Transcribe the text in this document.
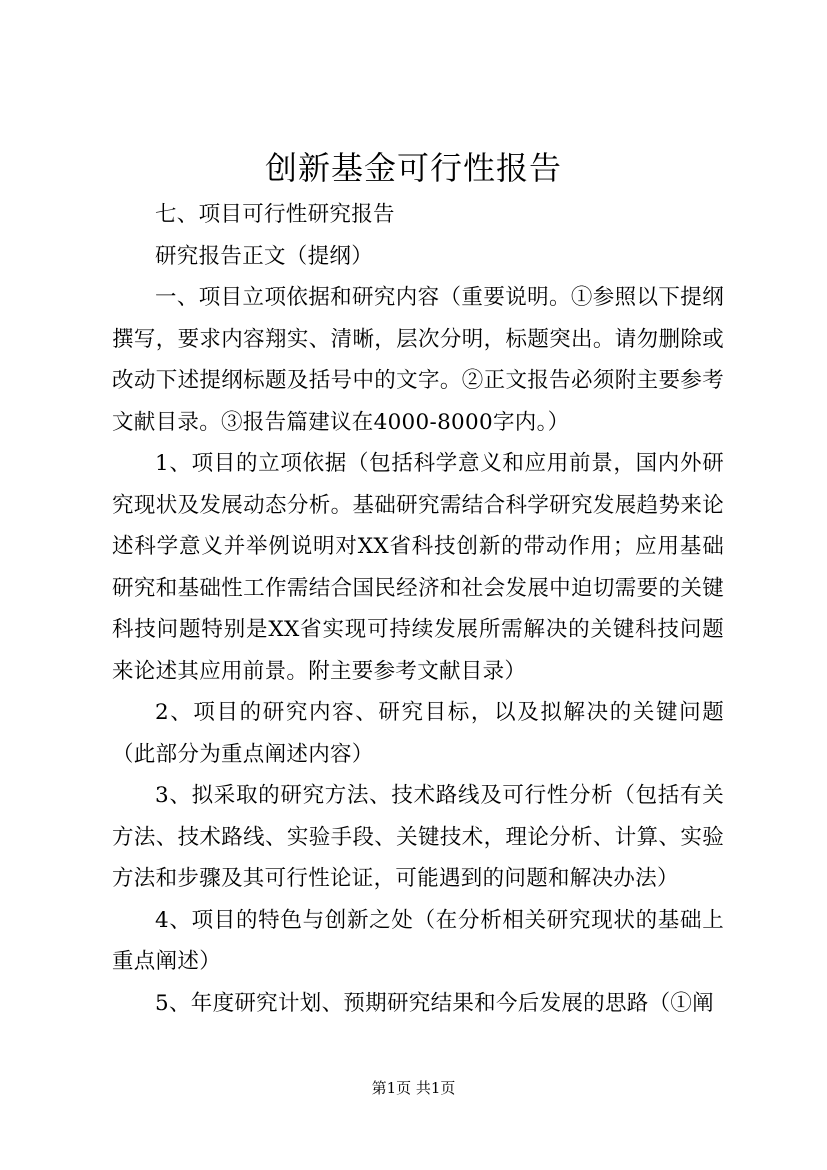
创新基金可行性报告

七、项目可行性研究报告

研究报告正文（提纲）

一、项目立项依据和研究内容（重要说明。①参照以下提纲撰写，要求内容翔实、清晰，层次分明，标题突出。请勿删除或改动下述提纲标题及括号中的文字。②正文报告必须附主要参考文献目录。③报告篇建议在4000-8000字内。）

1、项目的立项依据（包括科学意义和应用前景，国内外研究现状及发展动态分析。基础研究需结合科学研究发展趋势来论述科学意义并举例说明对XX省科技创新的带动作用；应用基础研究和基础性工作需结合国民经济和社会发展中迫切需要的关键科技问题特别是XX省实现可持续发展所需解决的关键科技问题来论述其应用前景。附主要参考文献目录）

2、项目的研究内容、研究目标，以及拟解决的关键问题（此部分为重点阐述内容）

3、拟采取的研究方法、技术路线及可行性分析（包括有关方法、技术路线、实验手段、关键技术，理论分析、计算、实验方法和步骤及其可行性论证，可能遇到的问题和解决办法）

4、项目的特色与创新之处（在分析相关研究现状的基础上重点阐述）

5、年度研究计划、预期研究结果和今后发展的思路（①阐

第1页 共1页
